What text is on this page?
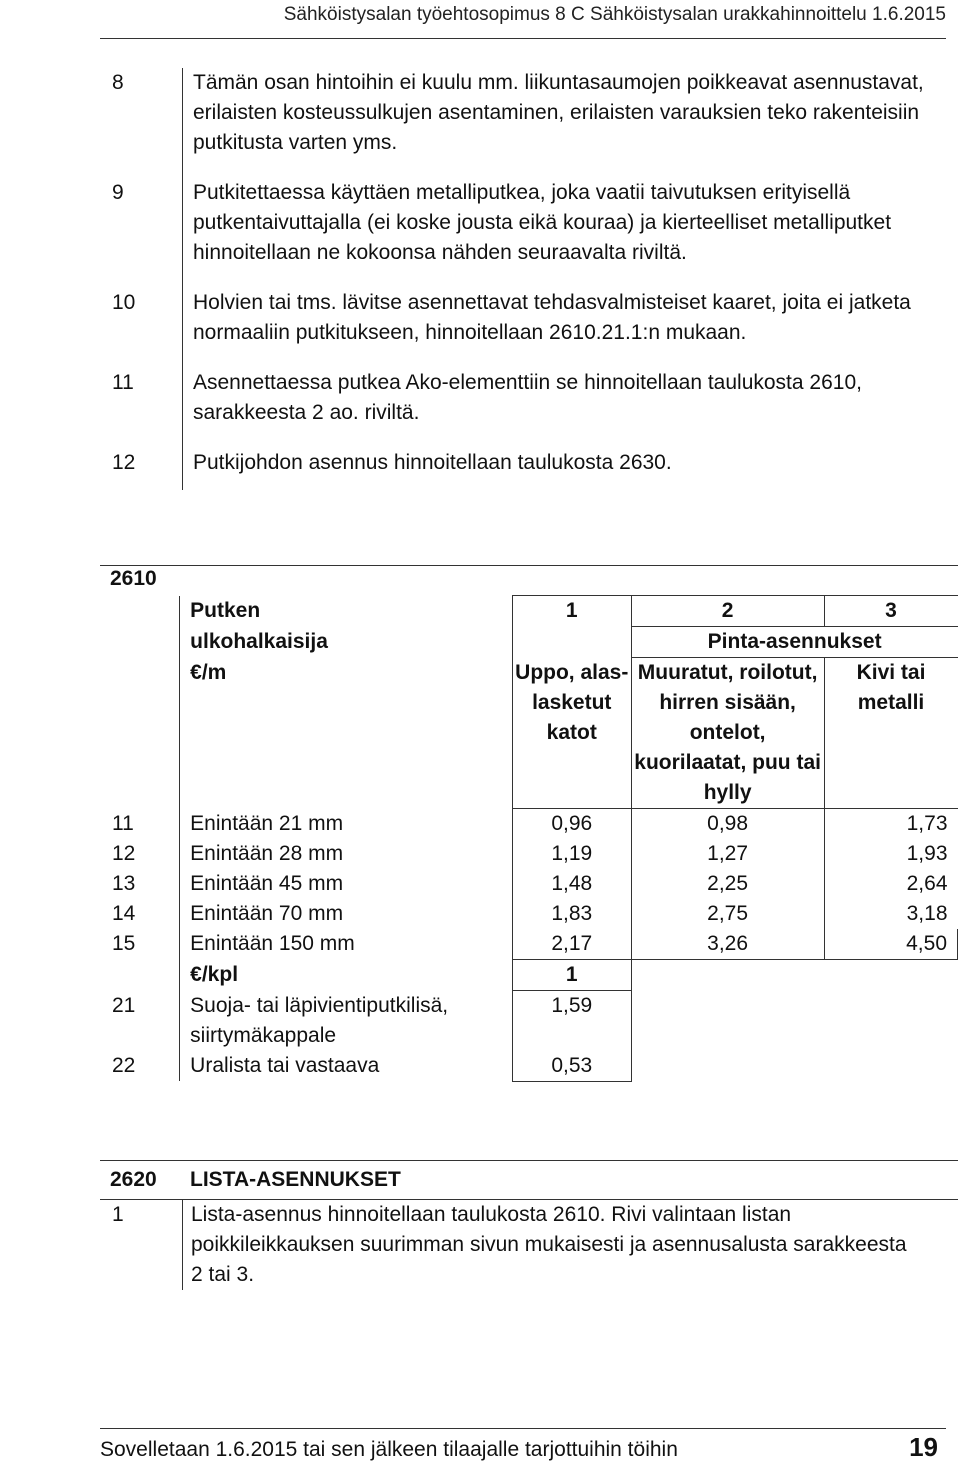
Sähköistysalan työehtosopimus 8 C Sähköistysalan urakkahinnoittelu 1.6.2015
8	Tämän osan hintoihin ei kuulu mm. liikuntasaumojen poikkeavat asennustavat, erilaisten kosteussulkujen asentaminen, erilaisten varauksien teko rakenteisiin putkitusta varten yms.
9	Putkitettaessa käyttäen metalliputkea, joka vaatii taivutuksen erityisellä putkentaivuttajalla (ei koske jousta eikä kouraa) ja kierteelliset metalliputket hinnoitellaan ne kokoonsa nähden seuraavalta riviltä.
10	Holvien tai tms. lävitse asennettavat tehdasvalmisteiset kaaret, joita ei jatketa normaaliin putkitukseen, hinnoitellaan 2610.21.1:n mukaan.
11	Asennettaessa putkea Ako-elementtiin se hinnoitellaan taulukosta 2610, sarakkeesta 2 ao. riviltä.
12	Putkijohdon asennus hinnoitellaan taulukosta 2630.
2610
	Putken	1	2	3
	ulkohalkaisija		Pinta-asennukset	
	€/m	Uppo, alas-lasketut katot	Muuratut, roilotut, hirren sisään, ontelot, kuorilaatat, puu tai hylly	Kivi tai metalli
11	Enintään 21 mm	0,96	0,98	1,73
12	Enintään 28 mm	1,19	1,27	1,93
13	Enintään 45 mm	1,48	2,25	2,64
14	Enintään 70 mm	1,83	2,75	3,18
15	Enintään 150 mm	2,17	3,26	4,50
	€/kpl	1		
21	Suoja- tai läpivientiputkilisä, siirtymäkappale	1,59		
22	Uralista tai vastaava	0,53		
2620	LISTA-ASENNUKSET
1	Lista-asennus hinnoitellaan taulukosta 2610. Rivi valintaan listan poikkileikkauksen suurimman sivun mukaisesti ja asennusalusta sarakkeesta 2 tai 3.
Sovelletaan 1.6.2015 tai sen jälkeen tilaajalle tarjottuihin töihin	19
